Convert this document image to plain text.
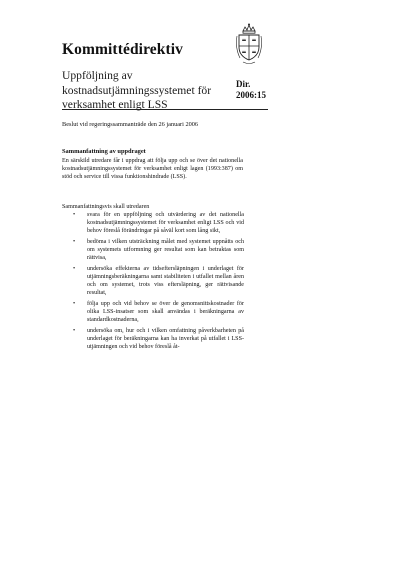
Kommittédirektiv
Uppföljning av kostnadsutjämningssystemet för verksamhet enligt LSS
Dir.
2006:15
Beslut vid regeringssammanträde den 26 januari 2006
Sammanfattning av uppdraget
En särskild utredare får i uppdrag att följa upp och se över det nationella kostnadsutjämningssystemet för verksamhet enligt lagen (1993:387) om stöd och service till vissa funktionshindrade (LSS).
Sammanfattningsvis skall utredaren
• svara för en uppföljning och utvärdering av det nationella kostnadsutjämningssystemet för verksamhet enligt LSS och vid behov föreslå förändringar på såväl kort som lång sikt,
• bedöma i vilken utsträckning målet med systemet uppnåtts och om systemets utformning ger resultat som kan betraktas som rättvisa,
• undersöka effekterna av tidseftersläpningen i underlaget för utjämningsberäkningarna samt stabiliteten i utfallet mellan åren och om systemet, trots viss eftersläpning, ger rättvisande resultat,
• följa upp och vid behov se över de genomsnittskostnader för olika LSS-insatser som skall användas i beräkningarna av standardkostnaderna,
• undersöka om, hur och i vilken omfattning påverkbarheten på underlaget för beräkningarna kan ha inverkat på utfallet i LSS-utjämningen och vid behov föreslå åt-
